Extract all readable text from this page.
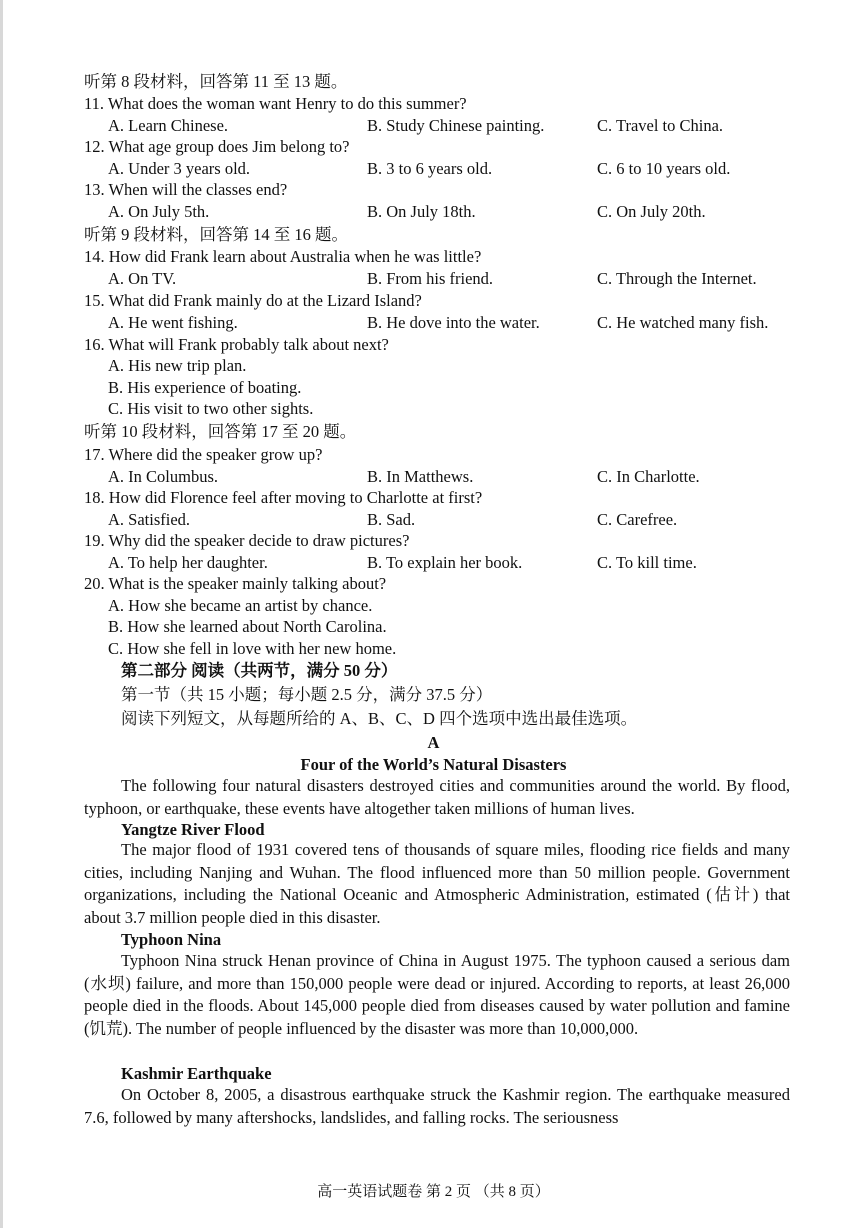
听第 8 段材料，回答第 11 至 13 题。
11. What does the woman want Henry to do this summer?
A. Learn Chinese.	B. Study Chinese painting.	C. Travel to China.
12. What age group does Jim belong to?
A. Under 3 years old.	B. 3 to 6 years old.	C. 6 to 10 years old.
13. When will the classes end?
A. On July 5th.	B. On July 18th.	C. On July 20th.
听第 9 段材料，回答第 14 至 16 题。
14. How did Frank learn about Australia when he was little?
A. On TV.	B. From his friend.	C. Through the Internet.
15. What did Frank mainly do at the Lizard Island?
A. He went fishing.	B. He dove into the water.	C. He watched many fish.
16. What will Frank probably talk about next?
A. His new trip plan.
B. His experience of boating.
C. His visit to two other sights.
听第 10 段材料，回答第 17 至 20 题。
17. Where did the speaker grow up?
A. In Columbus.	B. In Matthews.	C. In Charlotte.
18. How did Florence feel after moving to Charlotte at first?
A. Satisfied.	B. Sad.	C. Carefree.
19. Why did the speaker decide to draw pictures?
A. To help her daughter.	B. To explain her book.	C. To kill time.
20. What is the speaker mainly talking about?
A. How she became an artist by chance.
B. How she learned about North Carolina.
C. How she fell in love with her new home.
第二部分 阅读（共两节，满分 50 分）
第一节（共 15 小题；每小题 2.5 分，满分 37.5 分）
阅读下列短文，从每题所给的 A、B、C、D 四个选项中选出最佳选项。
A
Four of the World’s Natural Disasters
The following four natural disasters destroyed cities and communities around the world. By flood, typhoon, or earthquake, these events have altogether taken millions of human lives.
Yangtze River Flood
The major flood of 1931 covered tens of thousands of square miles, flooding rice fields and many cities, including Nanjing and Wuhan. The flood influenced more than 50 million people. Government organizations, including the National Oceanic and Atmospheric Administration, estimated (估计) that about 3.7 million people died in this disaster.
Typhoon Nina
Typhoon Nina struck Henan province of China in August 1975. The typhoon caused a serious dam (水坝) failure, and more than 150,000 people were dead or injured. According to reports, at least 26,000 people died in the floods. About 145,000 people died from diseases caused by water pollution and famine (饥荒). The number of people influenced by the disaster was more than 10,000,000.
Kashmir Earthquake
On October 8, 2005, a disastrous earthquake struck the Kashmir region. The earthquake measured 7.6, followed by many aftershocks, landslides, and falling rocks. The seriousness
高一英语试题卷 第 2 页 （共 8 页）
